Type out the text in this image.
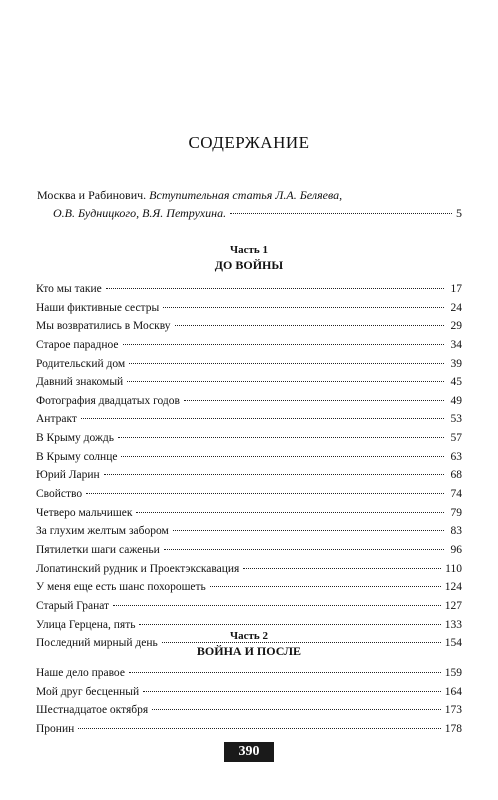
СОДЕРЖАНИЕ
Москва и Рабинович. Вступительная статья Л.А. Беляева,
О.В. Будницкого, В.Я. Петрухина.	5
Часть 1
ДО ВОЙНЫ
Кто мы такие	17
Наши фиктивные сестры	24
Мы возвратились в Москву	29
Старое парадное	34
Родительский дом	39
Давний знакомый	45
Фотография двадцатых годов	49
Антракт	53
В Крыму дождь	57
В Крыму солнце	63
Юрий Ларин	68
Свойство	74
Четверо мальчишек	79
За глухим желтым забором	83
Пятилетки шаги саженьи	96
Лопатинский рудник и Проектэкскавация	110
У меня еще есть шанс похорошеть	124
Старый Гранат	127
Улица Герцена, пять	133
Последний мирный день	154
Часть 2
ВОЙНА И ПОСЛЕ
Наше дело правое	159
Мой друг бесценный	164
Шестнадцатое октября	173
Пронин	178
390
